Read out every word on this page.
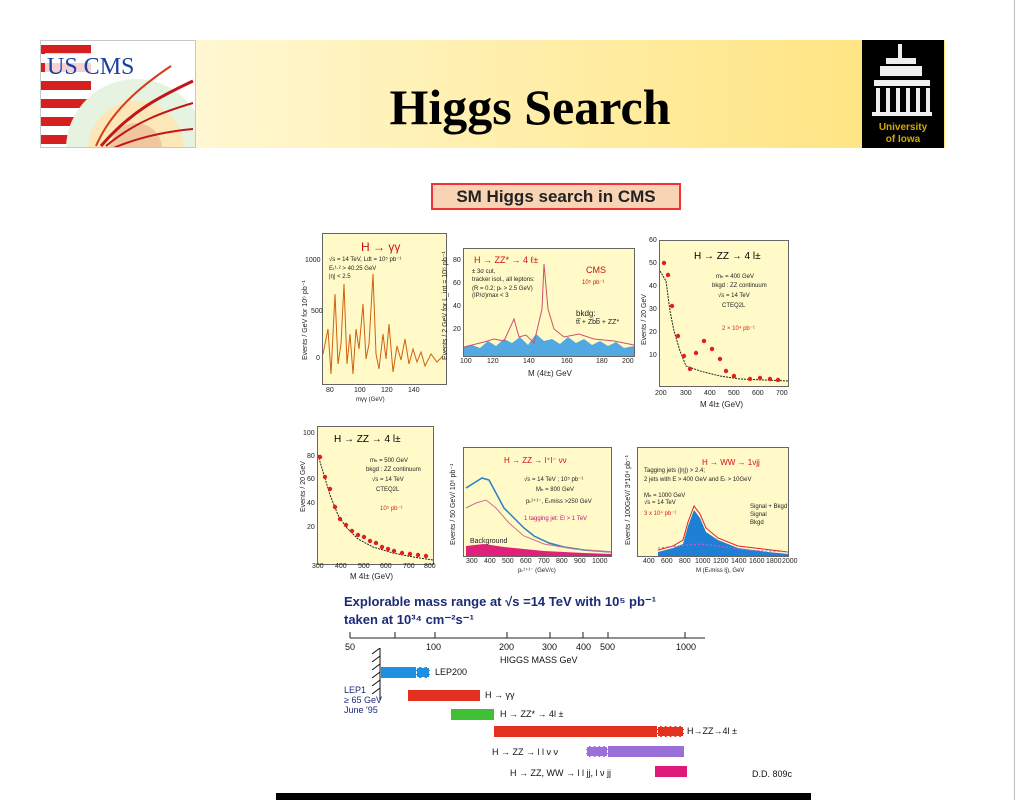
US CMS
Higgs Search	University
of Iowa
SM Higgs search in CMS
H → γγ
√s = 14 TeV, Ldt = 10⁵ pb⁻¹
Eₜ¹·² > 40.25 GeV
|η| < 2.5
Events / GeV for 10⁵ pb⁻¹
1000
500
0
80	100 120 140
mγγ (GeV)
H → ZZ* → 4 ℓ±
± 3σ cut,
tracker isol., all leptons:
(R = 0.2; pₜ > 2.5 GeV)
(IP/σ)max < 3
CMS
10⁵ pb⁻¹
bkdg:
tt̅ + Zbb̅ + ZZ*
Events / 2 GeV for L_int = 10⁵ pb⁻¹ 80
60
40
20
100 120	140	160	180 200
M (4ℓ±) GeV
H → ZZ → 4 l±
mₕ = 400 GeV
bkgd : ZZ continuum
√s = 14 TeV
CTEQ2L
2 × 10⁴ pb⁻¹
Events / 20 GeV
60
50
40
30
20
10
200 300 400 500 600 700
M 4l± (GeV)
H → ZZ → 4 l±
mₕ = 500 GeV
bkgd : ZZ continuum
√s = 14 TeV
CTEQ2L
10⁵ pb⁻¹
Events / 20 GeV
100
80
60
40
20
300 400 500 600 700 800
M 4l± (GeV)
H → ZZ → l⁺l⁻ νν
√s = 14 TeV ; 10⁵ pb⁻¹
Mₕ = 800 GeV
pₜ¹⁺¹⁻, Eₜmiss >250 GeV
1 tagging jet: Eʲ > 1 TeV
Background
Events / 50 GeV/ 10⁵ pb⁻¹
300 400 500 600 700 800 900 1000
pₜ¹⁺¹⁻ (GeV/c)
H → WW → 1νjj
Tagging jets (|η|) > 2.4;
2 jets with E > 400 GeV and Eₜ > 10GeV
Mₕ = 1000 GeV
√s = 14 TeV
3 x 10⁴ pb⁻¹
Signal + Bkgd
Signal
Bkgd
Events / 100GeV/ 3*10⁴ pb⁻¹
400 600 800 1000 1200 1400 1600 1800 2000
M (Eₜmiss lj), GeV
Explorable mass range at √s =14 TeV with 10⁵ pb⁻¹
taken at 10³⁴ cm⁻²s⁻¹
50	100	200	300 400 500	1000
HIGGS MASS GeV
LEP1
≥ 65 GeV
June '95
LEP200
H → γγ
H → ZZ* → 4l ±
H→ZZ→4l ±
H → ZZ → l l ν ν
H → ZZ, WW → l l jj, l ν jj	D.D. 809c
